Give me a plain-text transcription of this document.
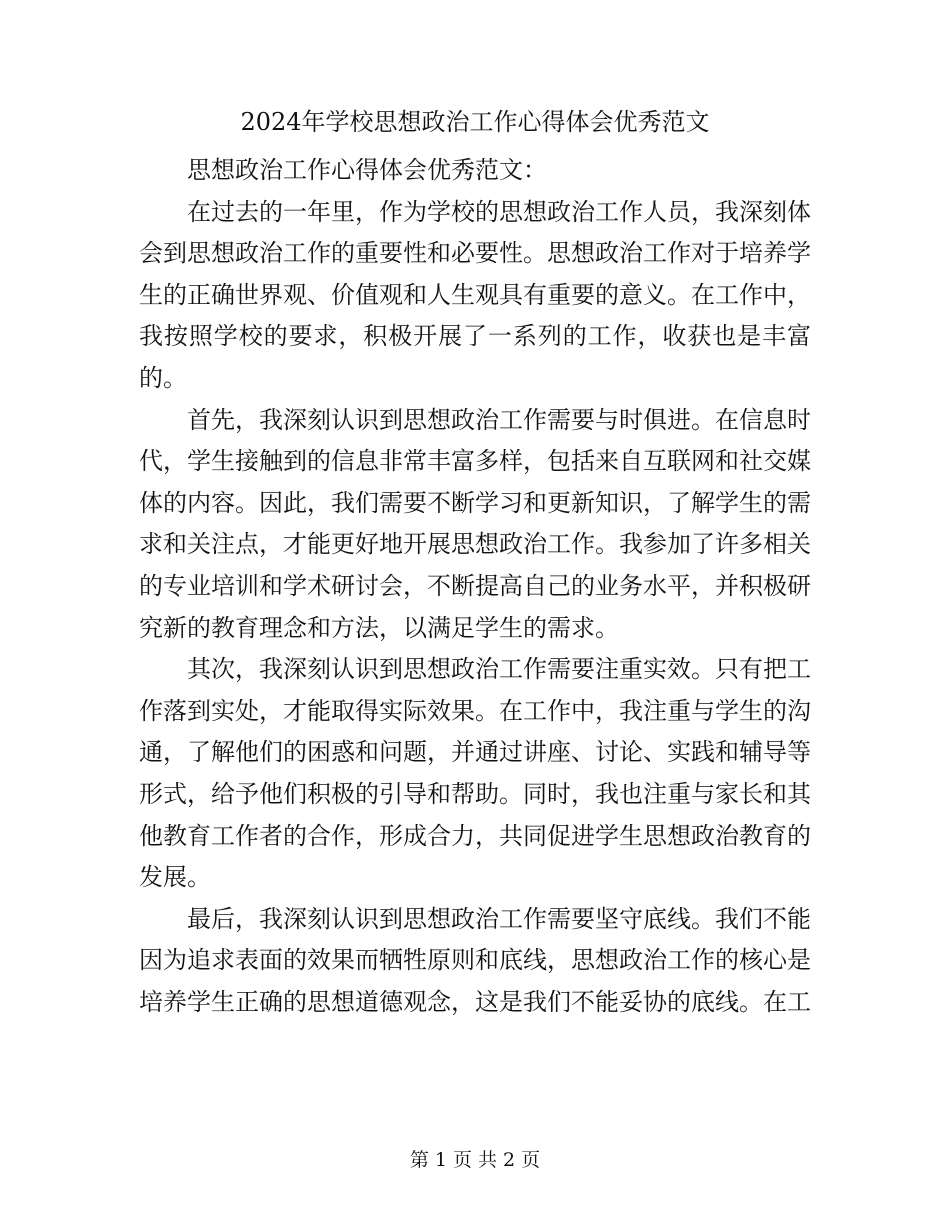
2024年学校思想政治工作心得体会优秀范文

思想政治工作心得体会优秀范文：

在过去的一年里，作为学校的思想政治工作人员，我深刻体会到思想政治工作的重要性和必要性。思想政治工作对于培养学生的正确世界观、价值观和人生观具有重要的意义。在工作中，我按照学校的要求，积极开展了一系列的工作，收获也是丰富的。

首先，我深刻认识到思想政治工作需要与时俱进。在信息时代，学生接触到的信息非常丰富多样，包括来自互联网和社交媒体的内容。因此，我们需要不断学习和更新知识，了解学生的需求和关注点，才能更好地开展思想政治工作。我参加了许多相关的专业培训和学术研讨会，不断提高自己的业务水平，并积极研究新的教育理念和方法，以满足学生的需求。

其次，我深刻认识到思想政治工作需要注重实效。只有把工作落到实处，才能取得实际效果。在工作中，我注重与学生的沟通，了解他们的困惑和问题，并通过讲座、讨论、实践和辅导等形式，给予他们积极的引导和帮助。同时，我也注重与家长和其他教育工作者的合作，形成合力，共同促进学生思想政治教育的发展。

最后，我深刻认识到思想政治工作需要坚守底线。我们不能因为追求表面的效果而牺牲原则和底线，思想政治工作的核心是培养学生正确的思想道德观念，这是我们不能妥协的底线。在工

第 1 页 共 2 页
